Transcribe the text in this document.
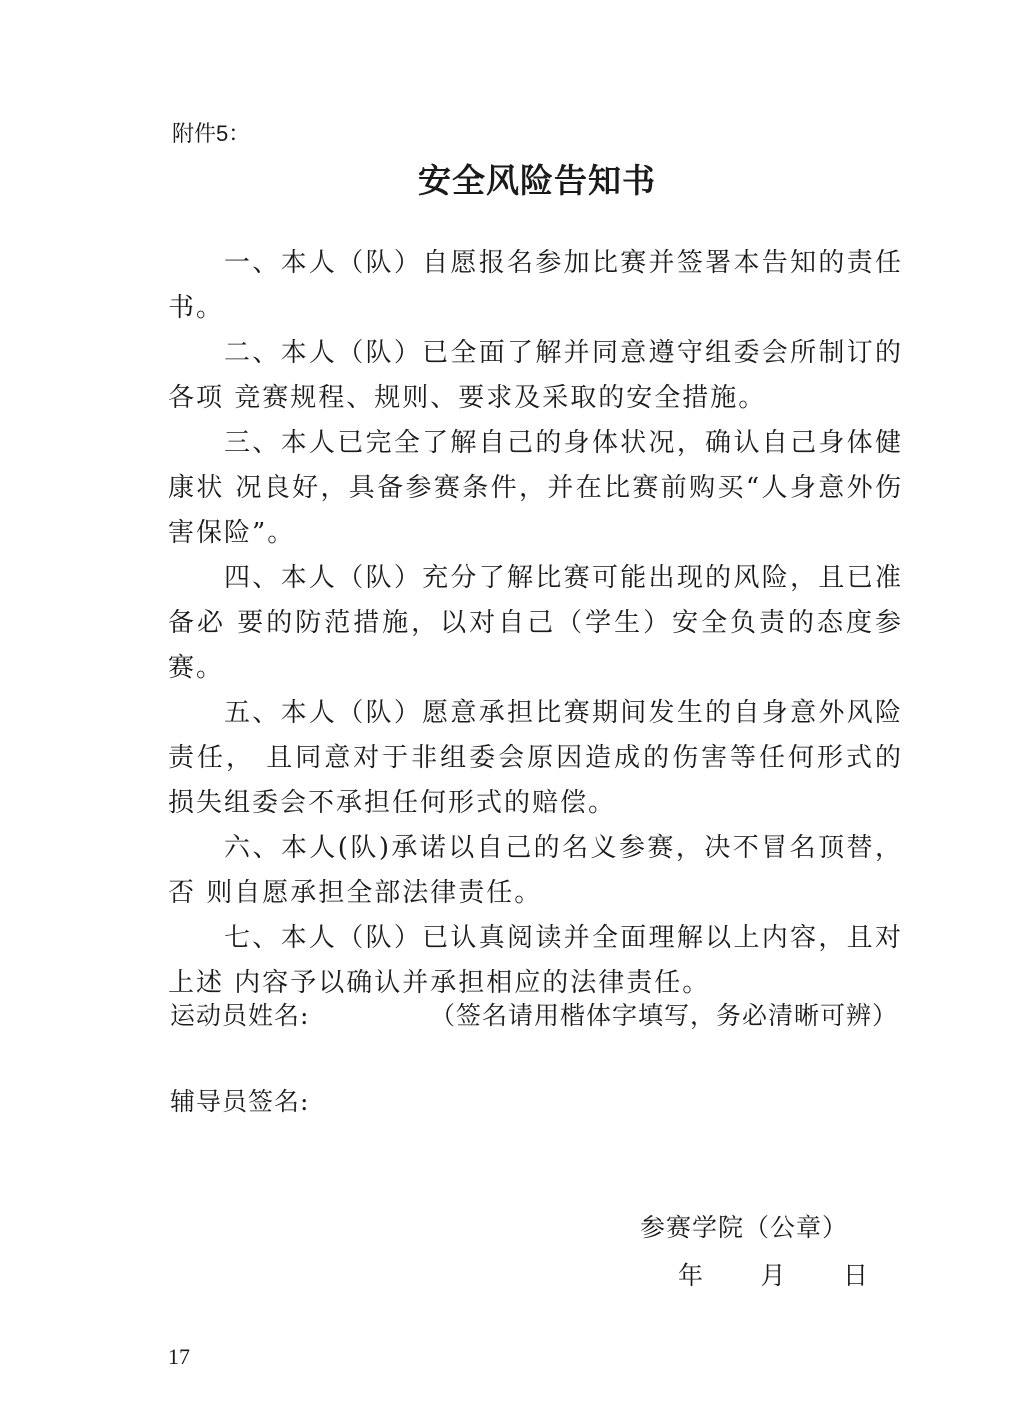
附件5：
安全风险告知书

一、本人（队）自愿报名参加比赛并签署本告知的责任书。

二、本人（队）已全面了解并同意遵守组委会所制订的各项 竞赛规程、规则、要求及采取的安全措施。

三、本人已完全了解自己的身体状况，确认自己身体健康状 况良好，具备参赛条件，并在比赛前购买“人身意外伤害保险”。

四、本人（队）充分了解比赛可能出现的风险，且已准备必 要的防范措施，以对自己（学生）安全负责的态度参赛。

五、本人（队）愿意承担比赛期间发生的自身意外风险责任， 且同意对于非组委会原因造成的伤害等任何形式的损失组委会不承担任何形式的赔偿。

六、本人(队)承诺以自己的名义参赛，决不冒名顶替，否 则自愿承担全部法律责任。

七、本人（队）已认真阅读并全面理解以上内容，且对上述 内容予以确认并承担相应的法律责任。

运动员姓名:	（签名请用楷体字填写，务必清晰可辨）
辅导员签名:
参赛学院（公章）
年 月 日
17
